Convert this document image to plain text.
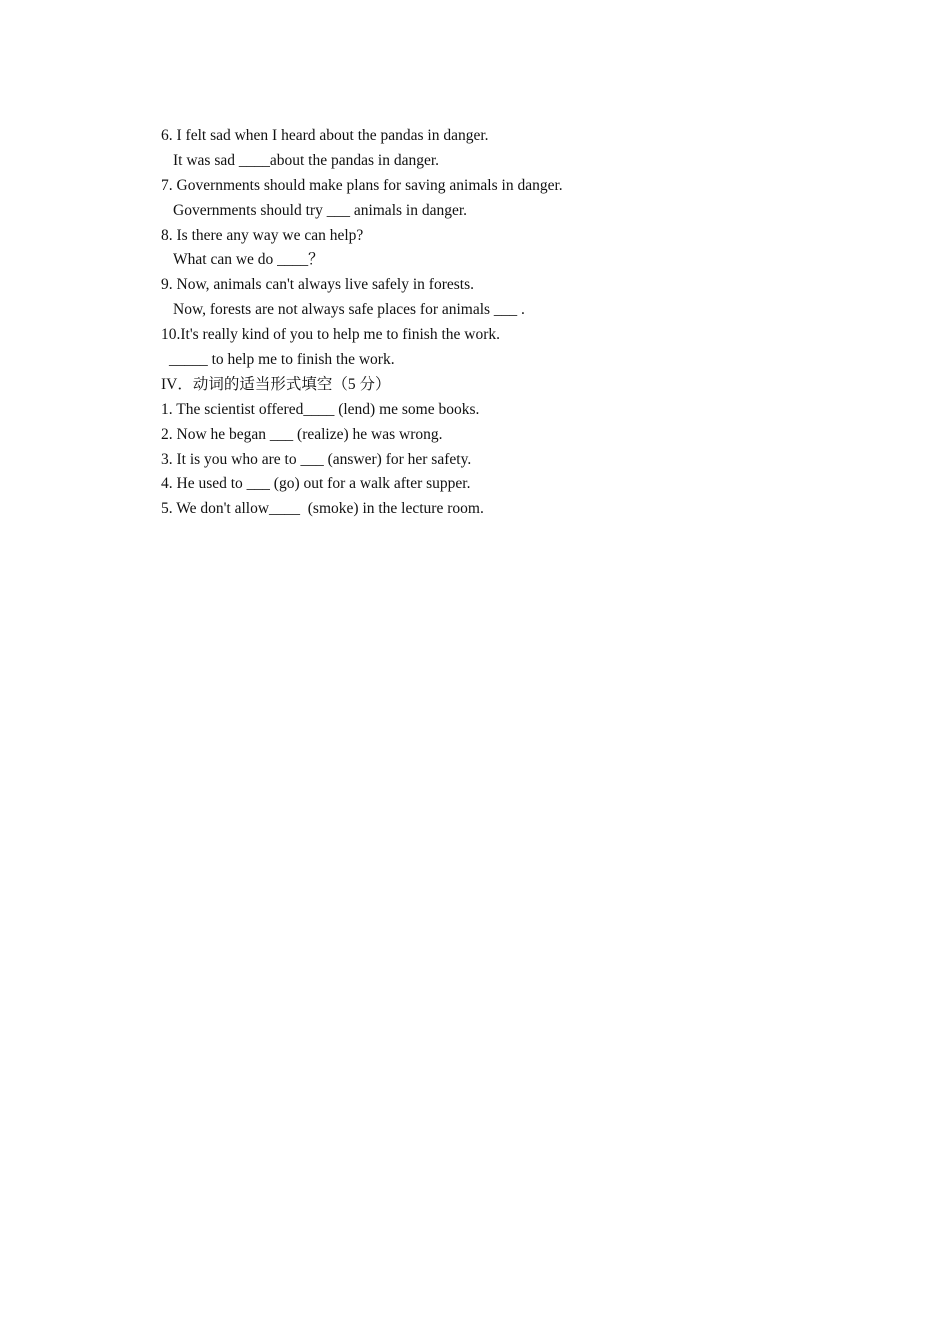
6. I felt sad when I heard about the pandas in danger.
It was sad ____about the pandas in danger.
7. Governments should make plans for saving animals in danger.
Governments should try ___ animals in danger.
8. Is there any way we can help?
What can we do ____？
9. Now, animals can't always live safely in forests.
Now, forests are not always safe places for animals ___ .
10.It's really kind of you to help me to finish the work.
_____ to help me to finish the work.
IV．动词的适当形式填空（5 分）
1. The scientist offered____ (lend) me some books.
2. Now he began ___ (realize) he was wrong.
3. It is you who are to ___ (answer) for her safety.
4. He used to ___ (go) out for a walk after supper.
5. We don't allow____  (smoke) in the lecture room.
